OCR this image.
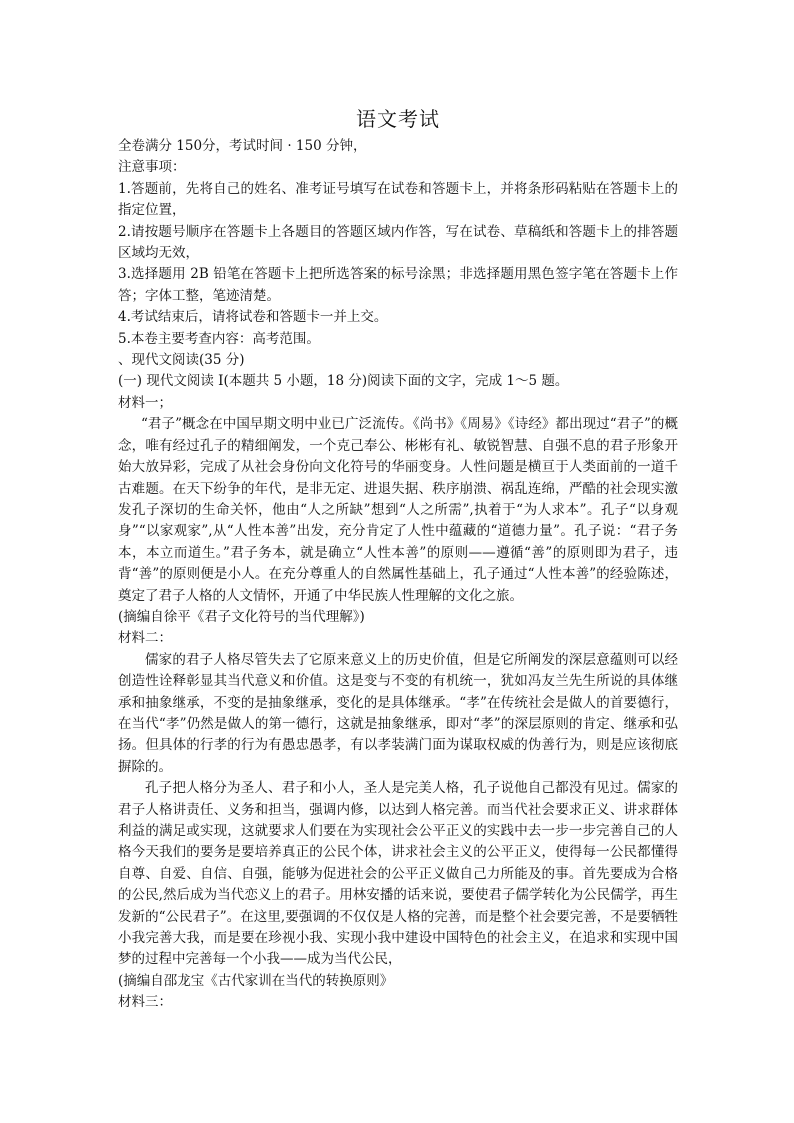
语文考试

全卷满分 150分，考试时间 · 150 分钟，

注意事项：

1.答题前，先将自己的姓名、准考证号填写在试卷和答题卡上，并将条形码粘贴在答题卡上的指定位置，

2.请按题号顺序在答题卡上各题目的答题区域内作答，写在试卷、草稿纸和答题卡上的排答题区域均无效，

3.选择题用 2B 铅笔在答题卡上把所选答案的标号涂黑；非选择题用黑色签字笔在答题卡上作答；字体工整，笔迹清楚。

4.考试结束后，请将试卷和答题卡一并上交。

5.本卷主要考查内容：高考范围。

、现代文阅读(35 分)

(一) 现代文阅读 I(本题共 5 小题，18 分)阅读下面的文字，完成 1～5 题。

材料一；

“君子”概念在中国早期文明中业已广泛流传。《尚书》《周易》《诗经》都出现过“君子”的概念，唯有经过孔子的精细阐发，一个克己奉公、彬彬有礼、敏锐智慧、自强不息的君子形象开始大放异彩，完成了从社会身份向文化符号的华丽变身。人性问题是横亘于人类面前的一道千古难题。在天下纷争的年代，是非无定、进退失据、秩序崩溃、祸乱连绵，严酷的社会现实激发孔子深切的生命关怀，他由“人之所缺”想到“人之所需”,执着于“为人求本”。孔子“以身观身”“以家观家”,从“人性本善”出发，充分肯定了人性中蕴藏的“道德力量”。孔子说：“君子务本，本立而道生。”君子务本，就是确立“人性本善”的原则——遵循“善”的原则即为君子，违背“善”的原则便是小人。在充分尊重人的自然属性基础上，孔子通过“人性本善”的经验陈述，奠定了君子人格的人文情怀，开通了中华民族人性理解的文化之旅。

(摘编自徐平《君子文化符号的当代理解》)

材料二：

儒家的君子人格尽管失去了它原来意义上的历史价值，但是它所阐发的深层意蕴则可以经创造性诠释彰显其当代意义和价值。这是变与不变的有机统一，犹如冯友兰先生所说的具体继承和抽象继承，不变的是抽象继承，变化的是具体继承。“孝”在传统社会是做人的首要德行，在当代“孝”仍然是做人的第一德行，这就是抽象继承，即对“孝”的深层原则的肯定、继承和弘扬。但具体的行孝的行为有愚忠愚孝，有以孝装满门面为谋取权威的伪善行为，则是应该彻底摒除的。

孔子把人格分为圣人、君子和小人，圣人是完美人格，孔子说他自己都没有见过。儒家的君子人格讲责任、义务和担当，强调内修，以达到人格完善。而当代社会要求正义、讲求群体利益的满足或实现，这就要求人们要在为实现社会公平正义的实践中去一步一步完善自己的人格今天我们的要务是要培养真正的公民个体，讲求社会主义的公平正义，使得每一公民都懂得自尊、自爱、自信、自强，能够为促进社会的公平正义做自己力所能及的事。首先要成为合格的公民,然后成为当代恋义上的君子。用林安播的话来说，要使君子儒学转化为公民儒学，再生发新的“公民君子”。在这里,要强调的不仅仅是人格的完善，而是整个社会要完善，不是要牺牲小我完善大我，而是要在珍视小我、实现小我中建设中国特色的社会主义，在追求和实现中国梦的过程中完善每一个小我——成为当代公民，

(摘编自邵龙宝《古代家训在当代的转换原则》

材料三：
